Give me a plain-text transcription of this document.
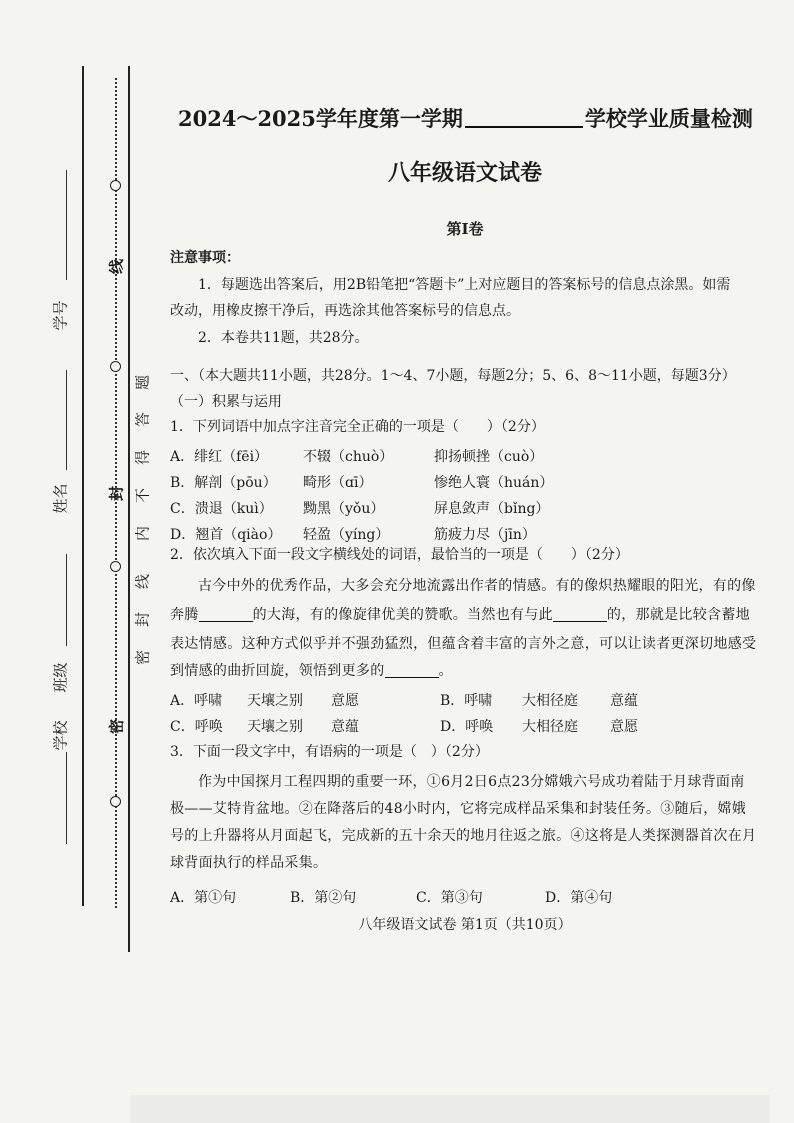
线
题
答
得
不
内
线
封
密
封
密
学号
姓名
班级
学校
2024～2025学年度第一学期	学校学业质量检测
八年级语文试卷
第Ⅰ卷
注意事项：
1．每题选出答案后，用2B铅笔把“答题卡”上对应题目的答案标号的信息点涂黑。如需
改动，用橡皮擦干净后，再选涂其他答案标号的信息点。
2．本卷共11题，共28分。
一、（本大题共11小题，共28分。1～4、7小题，每题2分；5、6、8～11小题，每题3分）
（一）积累与运用
1．下列词语中加点字注音完全正确的一项是（　　）（2分）
A．绯红（fēi） 不辍（chuò）	抑扬顿挫（cuò）
B．解剖（pōu） 畸形（ɑī）	惨绝人寰（huán）
C．溃退（kuì） 黝黑（yǒu）	屏息敛声（bǐng）
D．翘首（qiào） 轻盈（yíng）	筋疲力尽（jīn）
2．依次填入下面一段文字横线处的词语，最恰当的一项是（　　）（2分）
古今中外的优秀作品，大多会充分地流露出作者的情感。有的像炽热耀眼的阳光，有的像
奔腾	的大海，有的像旋律优美的赞歌。当然也有与此	的，那就是比较含蓄地
表达情感。这种方式似乎并不强劲猛烈，但蕴含着丰富的言外之意，可以让读者更深切地感受
到情感的曲折回旋，领悟到更多的	。
A．呼啸 天壤之别 意愿	B．呼啸 大相径庭 意蕴
C．呼唤 天壤之别 意蕴	D．呼唤 大相径庭 意愿
3．下面一段文字中，有语病的一项是（　）（2分）
作为中国探月工程四期的重要一环，①6月2日6点23分嫦娥六号成功着陆于月球背面南
极——艾特肯盆地。②在降落后的48小时内，它将完成样品采集和封装任务。③随后，嫦娥
号的上升器将从月面起飞，完成新的五十余天的地月往返之旅。④这将是人类探测器首次在月
球背面执行的样品采集。
A．第①句	B．第②句	C．第③句	D．第④句
八年级语文试卷 第1页（共10页）
